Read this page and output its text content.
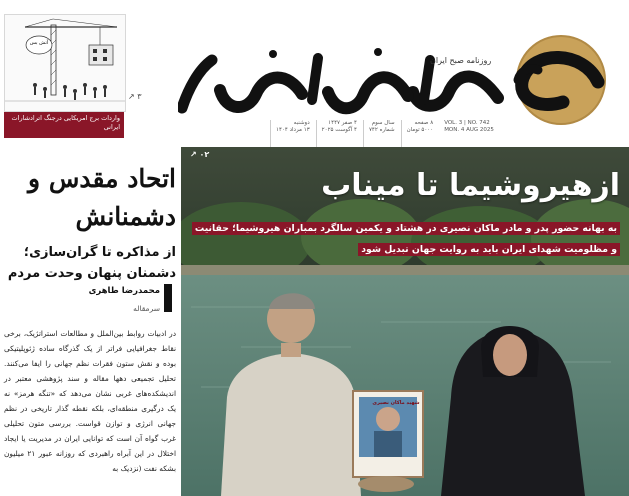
آتش بس
واردات برج امریکایی درجنگ اترادشارات ایرانی
۳ ↗
روزنامه صبح ایران
دوشنبه
۱۳ مرداد ۱۴۰۴
۴ صفر ۱۴۴۷
۴ آگوست ۲۰۲۵
سال سوم
شماره ۷۴۲
۸ صفحه
۵۰۰۰ تومان
VOL. 3 | NO. 742
MON. 4 AUG 2025
اتحاد مقدس و دشمنانش
از مذاکره تا گران‌سازی؛ دشمنان پنهان وحدت مردم
محمدرضا طاهری
سرمقاله
در ادبیات روابط بین‌الملل و مطالعات استراتژیک، برخی نقاط جغرافیایی فراتر از یک گذرگاه ساده ژئوپلیتیکی بوده و نقش ستون فقرات نظم جهانی را ایفا می‌کنند. تحلیل تجمیعی دهها مقاله و سند پژوهشی معتبر در اندیشکده‌های غربی نشان می‌دهد که «تنگه هرمز» نه یک درگیری منطقه‌ای، بلکه نقطه گذار تاریخی در نظم جهانی انرژی و توازن قواست. بررسی متون تحلیلی غرب گواه آن است که توانایی ایران در مدیریت یا ایجاد اختلال در این آبراه راهبردی که روزانه عبور ۲۱ میلیون بشکه نفت (نزدیک به
۰۲ ↗
ازهیروشیما تا میناب
به بهانه حضور پدر و مادر ماکان نصیری در هشتاد و یکمین سالگرد بمباران هیروشیما؛ حقانیت و مظلومیت شهدای ایران باید به روایت جهان تبدیل شود
شهید ماکان نصیری
